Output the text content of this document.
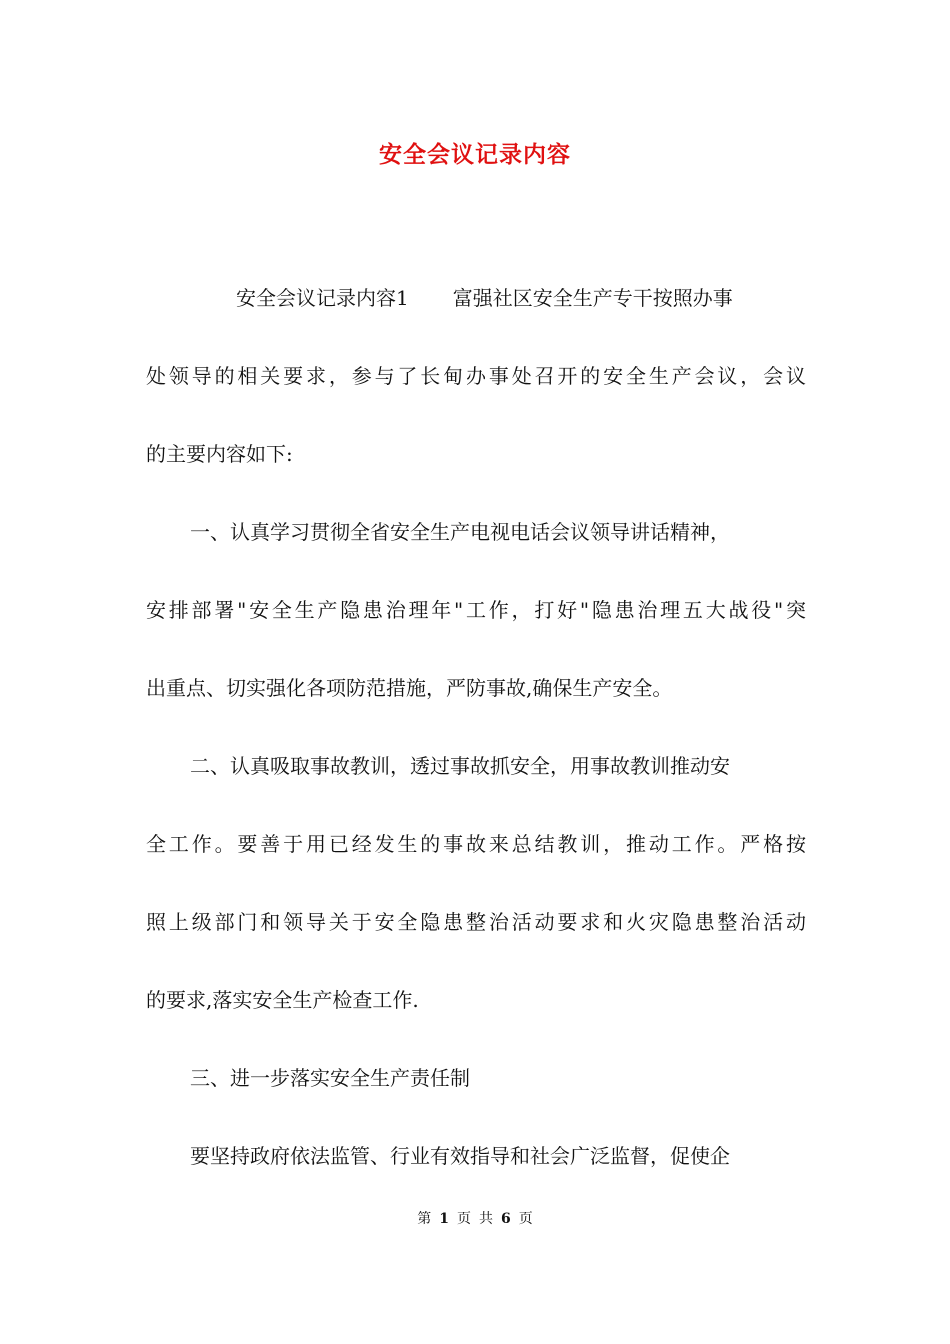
安全会议记录内容
安全会议记录内容1 富强社区安全生产专干按照办事
处领导的相关要求，参与了长甸办事处召开的安全生产会议，会议
的主要内容如下:
一、认真学习贯彻全省安全生产电视电话会议领导讲话精神，
安排部署"安全生产隐患治理年"工作，打好"隐患治理五大战役"突
出重点、切实强化各项防范措施，严防事故,确保生产安全。
二、认真吸取事故教训，透过事故抓安全，用事故教训推动安
全工作。要善于用已经发生的事故来总结教训，推动工作。严格按
照上级部门和领导关于安全隐患整治活动要求和火灾隐患整治活动
的要求,落实安全生产检查工作.
三、进一步落实安全生产责任制
要坚持政府依法监管、行业有效指导和社会广泛监督，促使企
第 1 页 共 6 页
